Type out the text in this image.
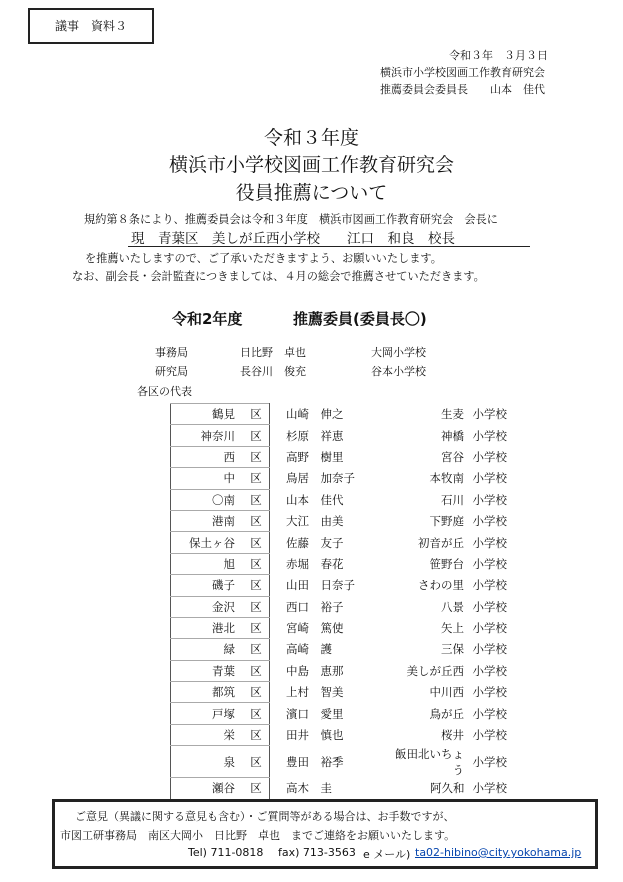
議事　資料３
令和３年　３月３日
横浜市小学校図画工作教育研究会
推薦委員会委員長　　山本　佳代
令和３年度
横浜市小学校図画工作教育研究会
役員推薦について
規約第８条により、推薦委員会は令和３年度　横浜市図画工作教育研究会　会長に
現　青葉区　美しが丘西小学校　　江口　和良　校長
を推薦いたしますので、ご了承いただきますよう、お願いいたします。
なお、副会長・会計監査につきましては、４月の総会で推薦させていただきます。
令和2年度	推薦委員(委員長〇)
事務局	日比野　卓也	大岡小学校
研究局	長谷川　俊充	谷本小学校
各区の代表
鶴見	区	山崎　伸之	生麦	小学校
神奈川	区	杉原　祥恵	神橋	小学校
西	区	高野　樹里	宮谷	小学校
中	区	鳥居　加奈子	本牧南	小学校
〇南	区	山本　佳代	石川	小学校
港南	区	大江　由美	下野庭	小学校
保土ヶ谷	区	佐藤　友子	初音が丘	小学校
旭	区	赤堀　春花	笹野台	小学校
磯子	区	山田　日奈子	さわの里	小学校
金沢	区	西口　裕子	八景	小学校
港北	区	宮崎　篤使	矢上	小学校
緑	区	高崎　護	三保	小学校
青葉	区	中島　恵那	美しが丘西	小学校
都筑	区	上村　智美	中川西	小学校
戸塚	区	濱口　愛里	鳥が丘	小学校
栄	区	田井　慎也	桜井	小学校
泉	区	豊田　裕季	飯田北いちょう	小学校
瀬谷	区	高木　圭	阿久和	小学校
ご意見（異議に関する意見も含む）・ご質問等がある場合は、お手数ですが、
市図工研事務局　南区大岡小　日比野　卓也　までご連絡をお願いいたします。
Tel) 711-0818 fax) 713-3563 e メール) ta02-hibino@city.yokohama.jp
